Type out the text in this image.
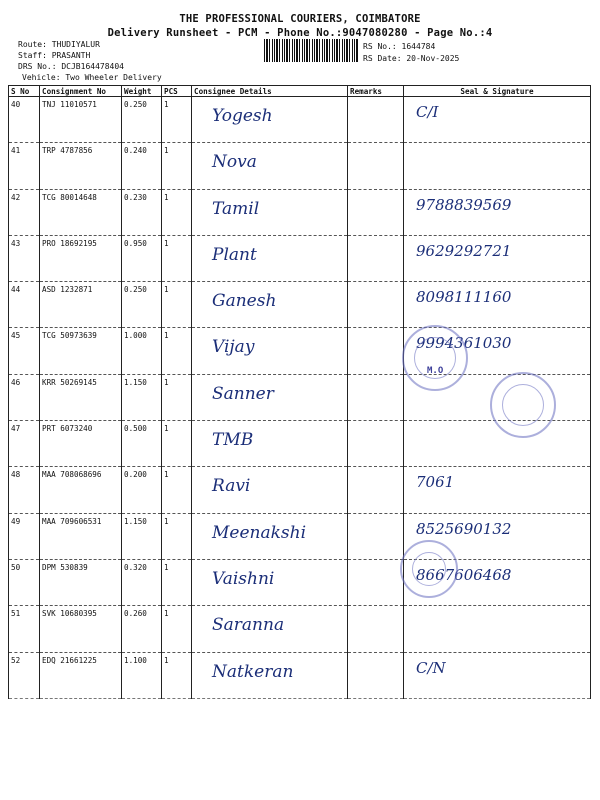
THE PROFESSIONAL COURIERS, COIMBATORE
Delivery Runsheet - PCM - Phone No.:9047080280 - Page No.:4
Route: THUDIYALUR
Staff: PRASANTH
DRS No.: DCJB164478404
Vehicle: Two Wheeler Delivery
RS No.: 1644784
RS Date: 20-Nov-2025
S No	Consignment No	Weight	PCS	Consignee Details	Remarks	Seal & Signature
40	TNJ 11010571	0.250	1	Yogesh		C/I

41	TRP 4787856	0.240	1	Nova		

42	TCG 80014648	0.230	1	Tamil		9788839569

43	PRO 18692195	0.950	1	Plant		9629292721

44	ASD 1232871	0.250	1	Ganesh		8098111160

45	TCG 50973639	1.000	1	Vijay		9994361030

46	KRR 50269145	1.150	1	Sanner		

47	PRT 6073240	0.500	1	TMB		

48	MAA 708068696	0.200	1	Ravi		7061

49	MAA 709606531	1.150	1	Meenakshi		8525690132

50	DPM 530839	0.320	1	Vaishni		8667606468

51	SVK 10680395	0.260	1	Saranna		

52	EDQ 21661225	1.100	1	Natkeran		C/N
M.O
